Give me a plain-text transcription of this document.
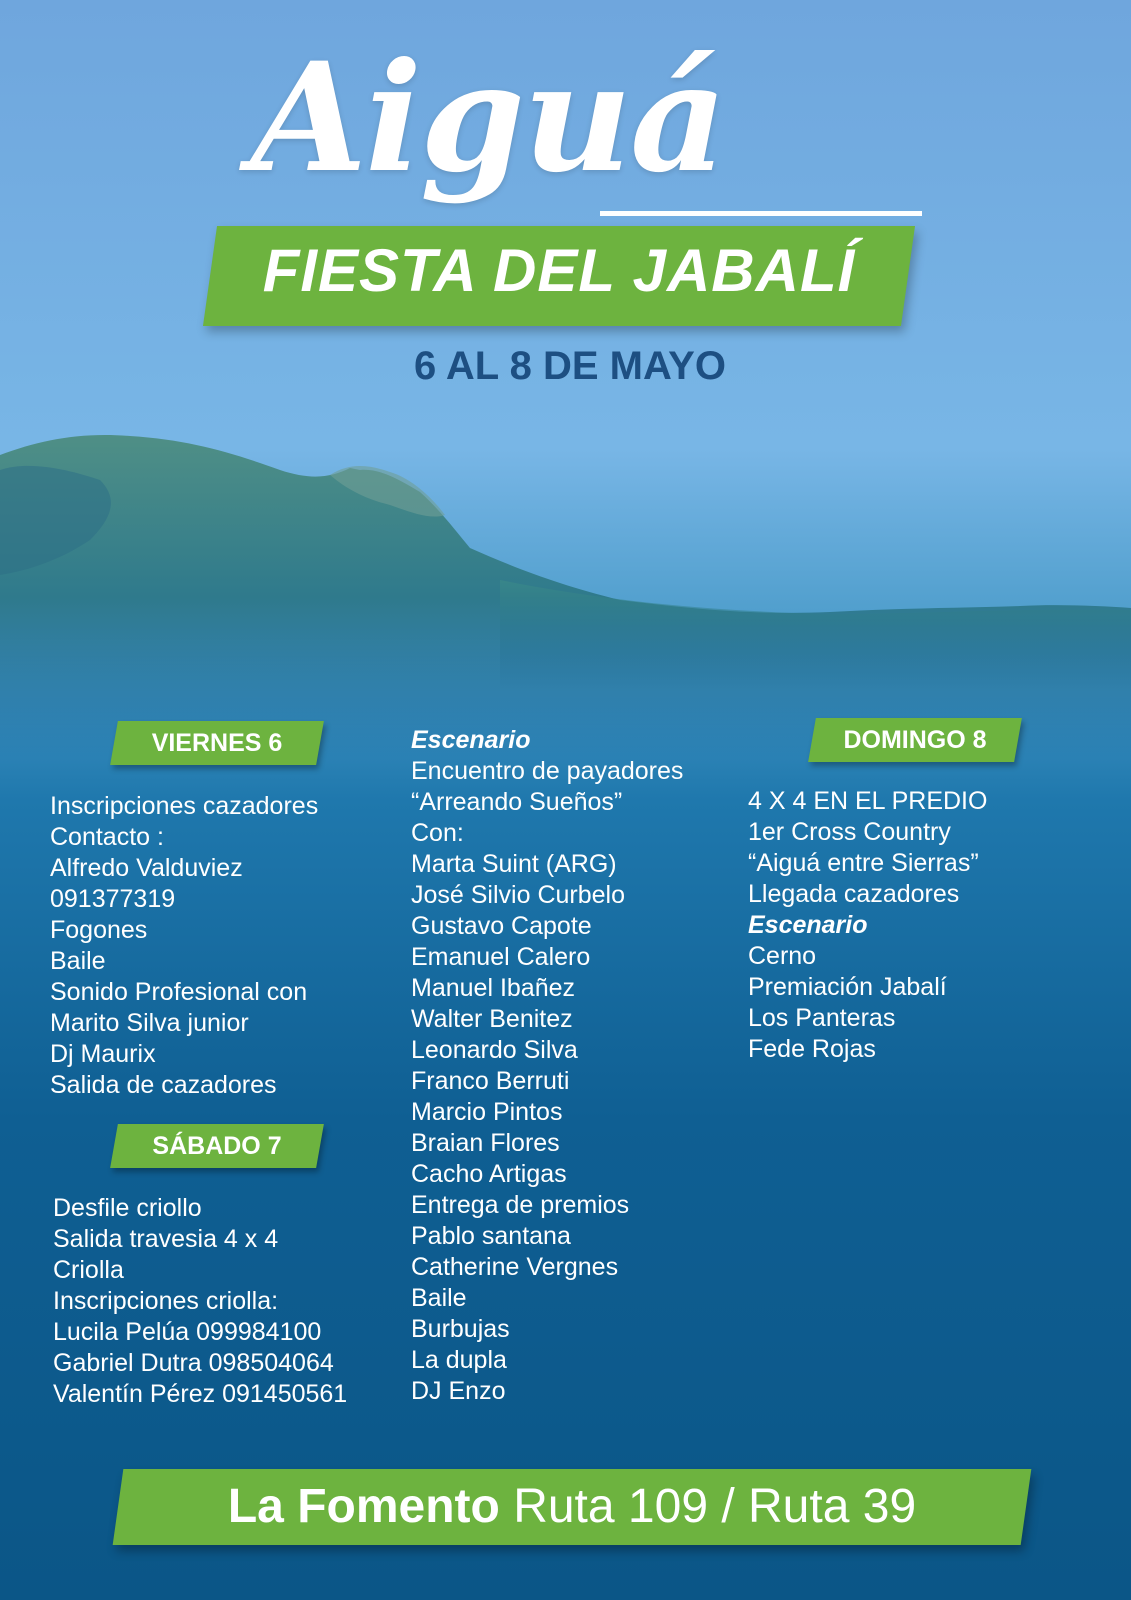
Aiguá
FIESTA DEL JABALÍ
6 AL 8 DE MAYO
VIERNES 6
Inscripciones cazadores
Contacto :
Alfredo Valduviez
091377319
Fogones
Baile
Sonido Profesional con
Marito Silva junior
Dj Maurix
Salida de cazadores
SÁBADO 7
Desfile criollo
Salida travesia 4 x 4
Criolla
Inscripciones criolla:
Lucila Pelúa 099984100
Gabriel Dutra 098504064
Valentín Pérez 091450561
Escenario
Encuentro de payadores
“Arreando Sueños”
Con:
Marta Suint (ARG)
José Silvio Curbelo
Gustavo Capote
Emanuel Calero
Manuel Ibañez
Walter Benitez
Leonardo Silva
Franco Berruti
Marcio Pintos
Braian Flores
Cacho Artigas
Entrega de premios
Pablo santana
Catherine Vergnes
Baile
Burbujas
La dupla
DJ Enzo
DOMINGO 8
4 X 4 EN EL PREDIO
1er Cross Country
“Aiguá entre Sierras”
Llegada cazadores
Escenario
Cerno
Premiación Jabalí
Los Panteras
Fede Rojas
La Fomento Ruta 109 / Ruta 39
